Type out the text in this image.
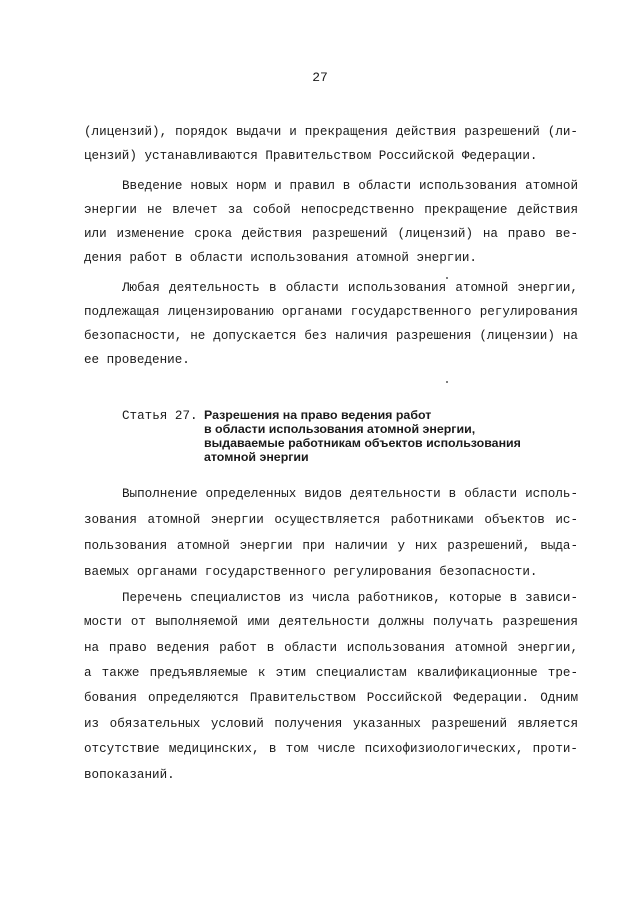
27
(лицензий), порядок выдачи и прекращения действия разрешений (ли-
цензий) устанавливаются Правительством Российской Федерации.
Введение новых норм и правил в области использования атомной
энергии не влечет за собой непосредственно прекращение действия
или изменение срока действия разрешений (лицензий) на право ве-
дения работ в области использования атомной энергии.
Любая деятельность в области использования атомной энергии,
подлежащая лицензированию органами государственного регулирования
безопасности, не допускается без наличия разрешения (лицензии) на
ее проведение.
Статья 27. Разрешения на право ведения работ
в области использования атомной энергии,
выдаваемые работникам объектов использования
атомной энергии
Выполнение определенных видов деятельности в области исполь-
зования атомной энергии осуществляется работниками объектов ис-
пользования атомной энергии при наличии у них разрешений, выда-
ваемых органами государственного регулирования безопасности.
Перечень специалистов из числа работников, которые в зависи-
мости от выполняемой ими деятельности должны получать разрешения
на право ведения работ в области использования атомной энергии,
а также предъявляемые к этим специалистам квалификационные тре-
бования определяются Правительством Российской Федерации. Одним
из обязательных условий получения указанных разрешений является
отсутствие медицинских, в том числе психофизиологических, проти-
вопоказаний.
